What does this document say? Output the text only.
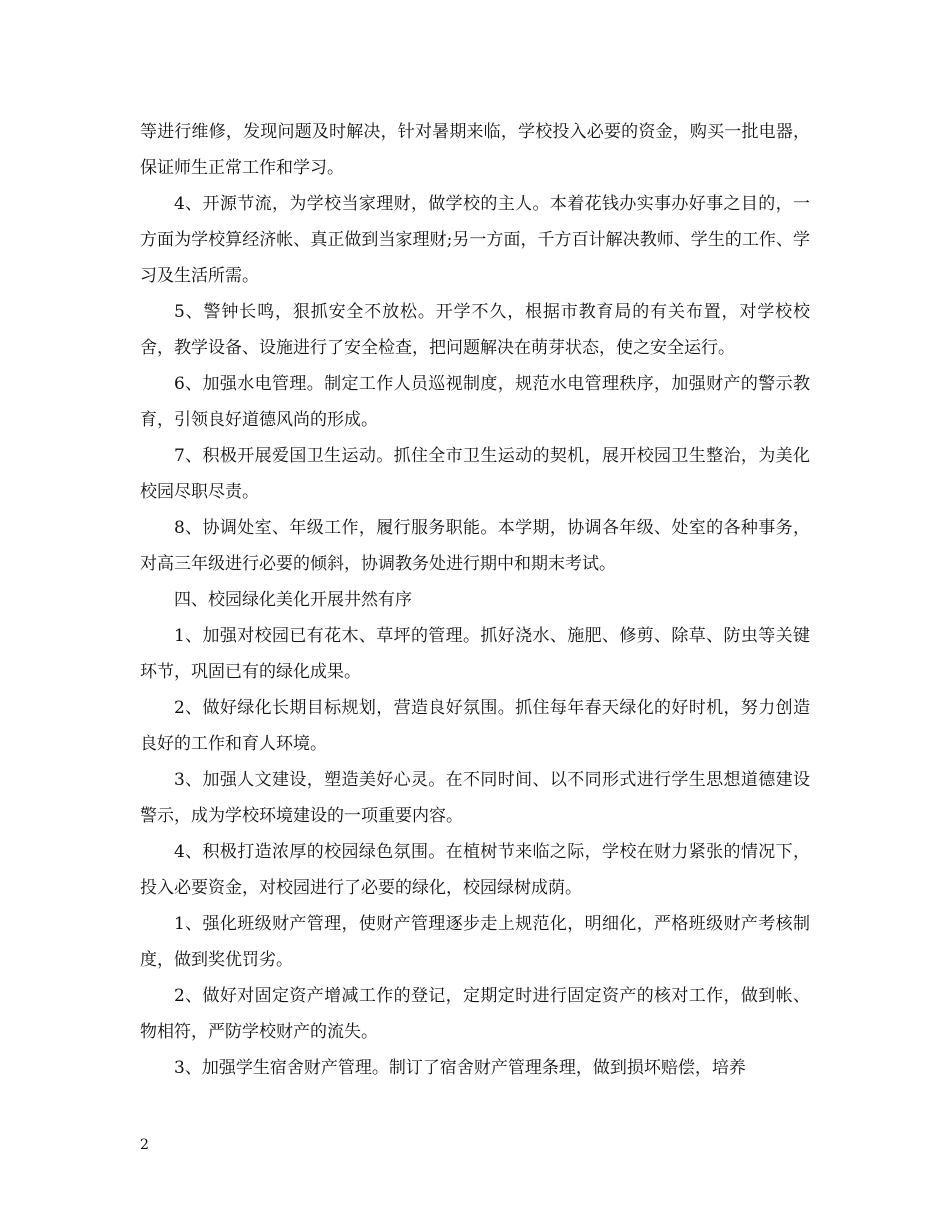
等进行维修，发现问题及时解决，针对暑期来临，学校投入必要的资金，购买一批电器，保证师生正常工作和学习。

4、开源节流，为学校当家理财，做学校的主人。本着花钱办实事办好事之目的，一方面为学校算经济帐、真正做到当家理财;另一方面，千方百计解决教师、学生的工作、学习及生活所需。

5、警钟长鸣，狠抓安全不放松。开学不久，根据市教育局的有关布置，对学校校舍，教学设备、设施进行了安全检查，把问题解决在萌芽状态，使之安全运行。

6、加强水电管理。制定工作人员巡视制度，规范水电管理秩序，加强财产的警示教育，引领良好道德风尚的形成。

7、积极开展爱国卫生运动。抓住全市卫生运动的契机，展开校园卫生整治，为美化校园尽职尽责。

8、协调处室、年级工作，履行服务职能。本学期，协调各年级、处室的各种事务，对高三年级进行必要的倾斜，协调教务处进行期中和期末考试。

四、校园绿化美化开展井然有序

1、加强对校园已有花木、草坪的管理。抓好浇水、施肥、修剪、除草、防虫等关键环节，巩固已有的绿化成果。

2、做好绿化长期目标规划，营造良好氛围。抓住每年春天绿化的好时机，努力创造良好的工作和育人环境。

3、加强人文建设，塑造美好心灵。在不同时间、以不同形式进行学生思想道德建设警示，成为学校环境建设的一项重要内容。

4、积极打造浓厚的校园绿色氛围。在植树节来临之际，学校在财力紧张的情况下，投入必要资金，对校园进行了必要的绿化，校园绿树成荫。

1、强化班级财产管理，使财产管理逐步走上规范化，明细化，严格班级财产考核制度，做到奖优罚劣。

2、做好对固定资产增减工作的登记，定期定时进行固定资产的核对工作，做到帐、物相符，严防学校财产的流失。

3、加强学生宿舍财产管理。制订了宿舍财产管理条理，做到损坏赔偿，培养

2
